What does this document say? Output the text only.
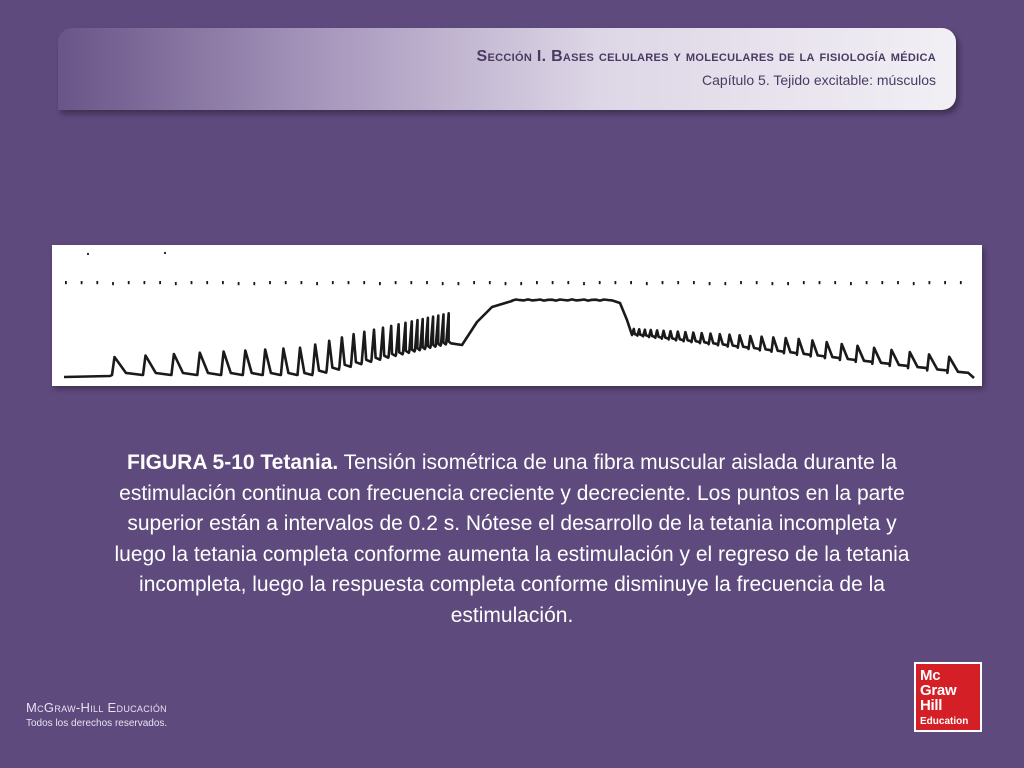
Sección I. Bases celulares y moleculares de la fisiología médica
Capítulo 5. Tejido excitable: músculos
FIGURA 5-10 Tetania. Tensión isométrica de una fibra muscular aislada durante la estimulación continua con frecuencia creciente y decreciente. Los puntos en la parte superior están a intervalos de 0.2 s. Nótese el desarrollo de la tetania incompleta y luego la tetania completa conforme aumenta la estimulación y el regreso de la tetania incompleta, luego la respuesta completa conforme disminuye la frecuencia de la estimulación.
McGraw-Hill Educación
Todos los derechos reservados.
Mc
Graw
Hill
Education
